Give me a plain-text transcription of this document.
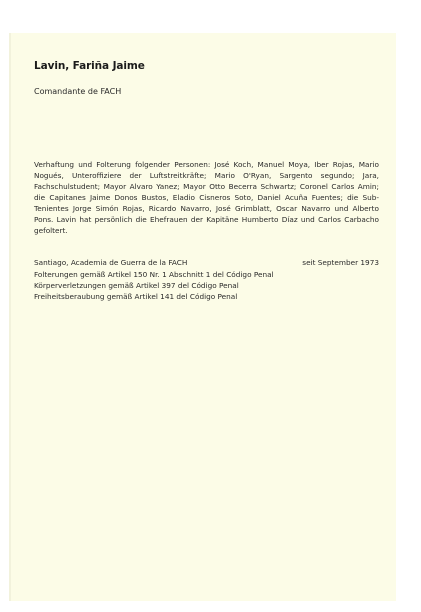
Lavin, Fariña Jaime
Comandante de FACH
Verhaftung und Folterung folgender Personen: José Koch, Manuel Moya, Iber Rojas, Mario Nogués, Unteroffiziere der Luftstreitkräfte; Mario O'Ryan, Sargento segundo; Jara, Fachschulstudent; Mayor Alvaro Yanez; Mayor Otto Becerra Schwartz; Coronel Carlos Amin; die Capitanes Jaime Donos Bustos, Eladio Cisneros Soto, Daniel Acuña Fuentes; die Sub-Tenientes Jorge Simón Rojas, Ricardo Navarro, José Grimblatt, Oscar Navarro und Alberto Pons. Lavin hat persönlich die Ehefrauen der Kapitäne Humberto Díaz und Carlos Carbacho gefoltert.
Santiago, Academia de Guerra de la FACH	seit September 1973
Folterungen gemäß Artikel 150 Nr. 1 Abschnitt 1 del Código Penal
Körperverletzungen gemäß Artikel 397 del Código Penal
Freiheitsberaubung gemäß Artikel 141 del Código Penal
